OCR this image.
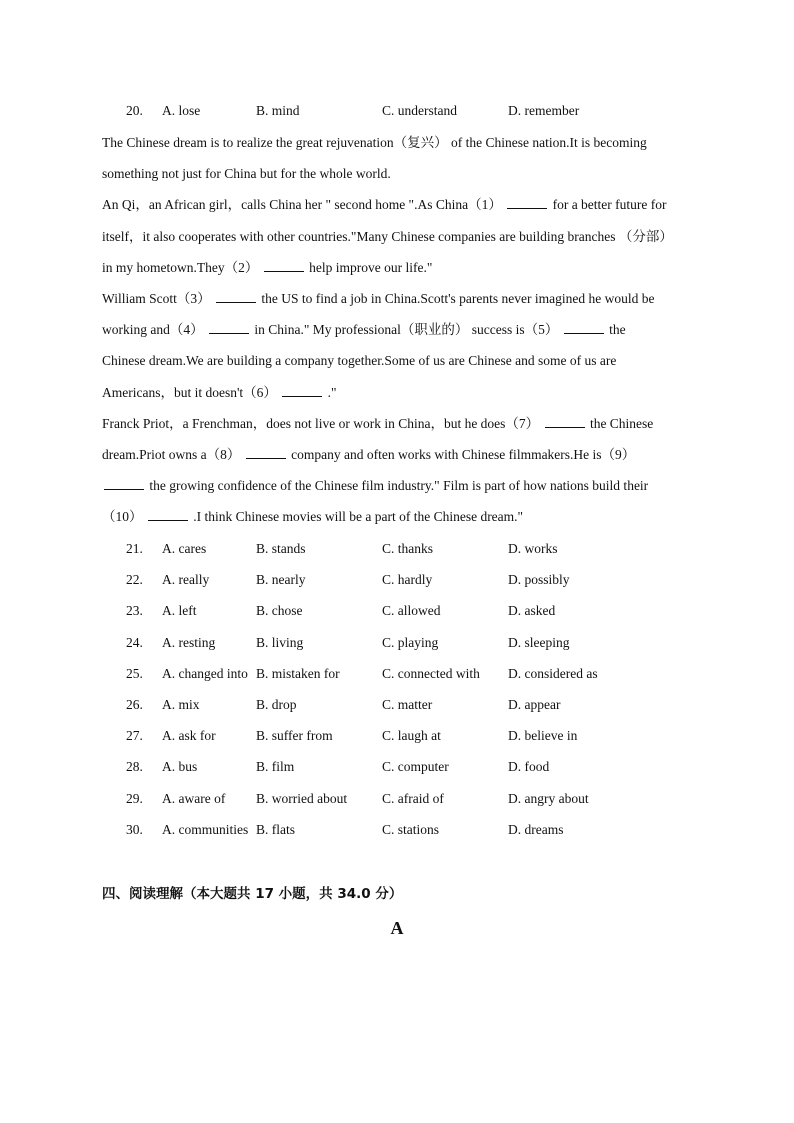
20. A. lose	B. mind	C. understand	D. remember
The Chinese dream is to realize the great rejuvenation（复兴） of the Chinese nation.It is becoming
something not just for China but for the whole world.
An Qi，an African girl，calls China her " second home ".As China（1）	for a better future for
itself，it also cooperates with other countries."Many Chinese companies are building branches （分部）
in my hometown.They（2）	help improve our life."
William Scott（3）	the US to find a job in China.Scott's parents never imagined he would be
working and（4）	in China." My professional（职业的） success is（5）	the
Chinese dream.We are building a company together.Some of us are Chinese and some of us are
Americans，but it doesn't（6）	."
Franck Priot，a Frenchman，does not live or work in China，but he does（7）	the Chinese
dream.Priot owns a（8）	company and often works with Chinese filmmakers.He is（9）
the growing confidence of the Chinese film industry." Film is part of how nations build their
（10）	.I think Chinese movies will be a part of the Chinese dream."
21. A. cares	B. stands	C. thanks	D. works
22. A. really	B. nearly	C. hardly	D. possibly
23. A. left	B. chose	C. allowed	D. asked
24. A. resting	B. living	C. playing	D. sleeping
25. A. changed into B. mistaken for	C. connected with D. considered as
26. A. mix	B. drop	C. matter	D. appear
27. A. ask for	B. suffer from	C. laugh at	D. believe in
28. A. bus	B. film	C. computer	D. food
29. A. aware of B. worried about	C. afraid of	D. angry about
30. A. communities B. flats	C. stations	D. dreams
四、阅读理解（本大题共 17 小题，共 34.0 分）
A
